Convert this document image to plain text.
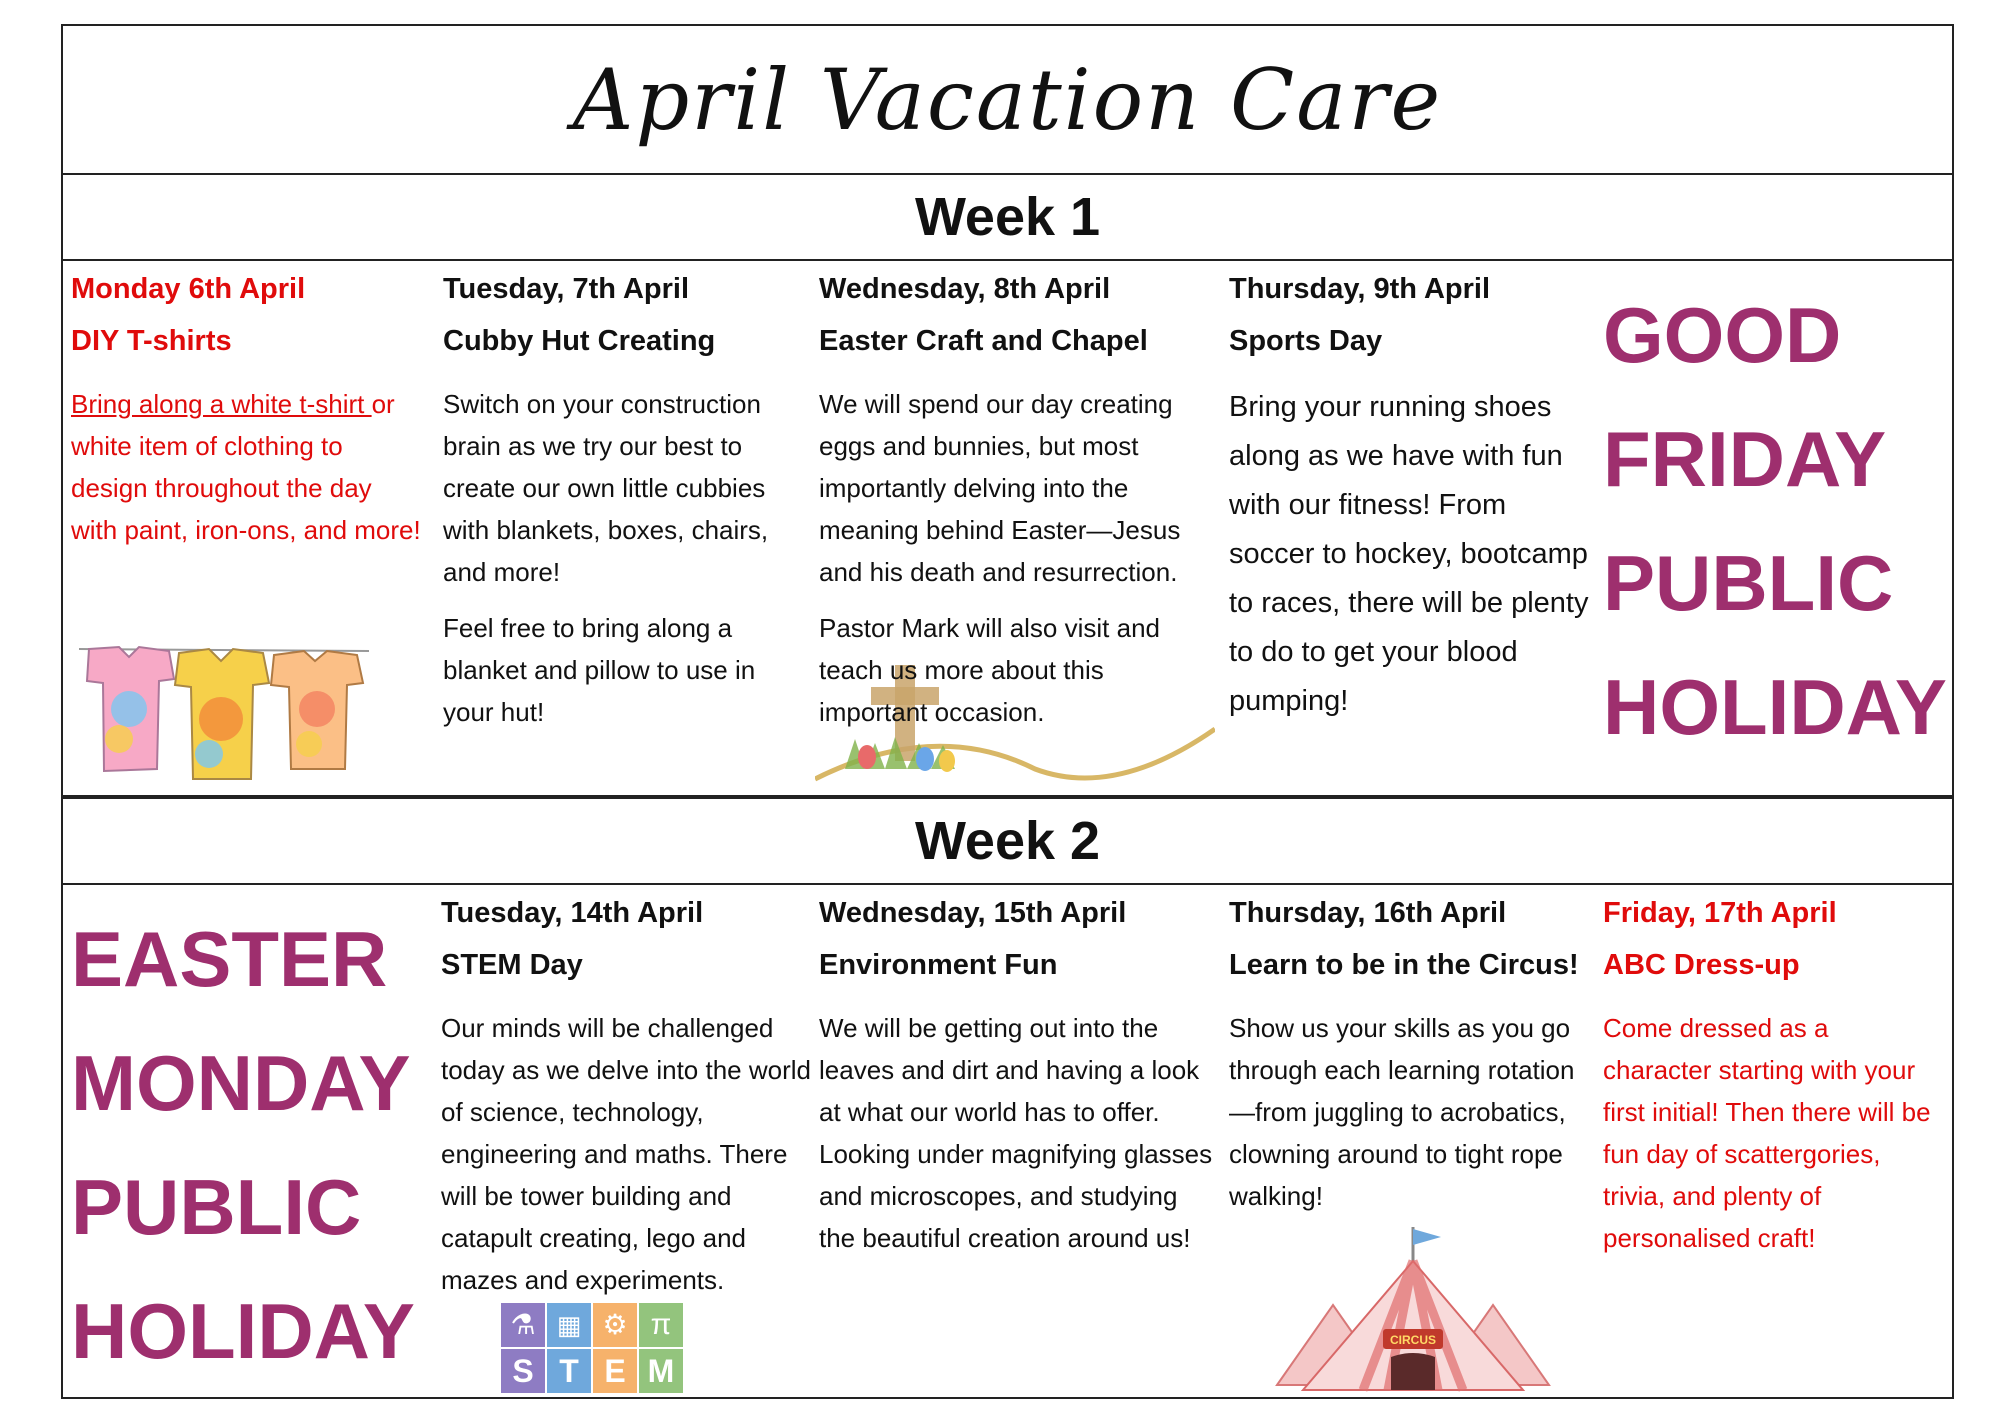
April Vacation Care
Week 1
Monday 6th April
DIY T-shirts
Bring along a white t-shirt or white item of clothing to design throughout the day with paint, iron-ons, and more!
Tuesday, 7th April
Cubby Hut Creating
Switch on your construction brain as we try our best to create our own little cubbies with blankets, boxes, chairs, and more!
Feel free to bring along a blanket and pillow to use in your hut!
Wednesday, 8th April
Easter Craft and Chapel
We will spend our day creating eggs and bunnies, but most importantly delving into the meaning behind Easter—Jesus and his death and resurrection.
Pastor Mark will also visit and teach us more about this important occasion.
Thursday, 9th April
Sports Day
Bring your running shoes along as we have with fun with our fitness! From soccer to hockey, bootcamp to races, there will be plenty to do to get your blood pumping!
GOOD
FRIDAY
PUBLIC
HOLIDAY
Week 2
EASTER
MONDAY
PUBLIC
HOLIDAY
Tuesday, 14th April
STEM Day
Our minds will be challenged today as we delve into the world of science, technology, engineering and maths. There will be tower building and catapult creating, lego and mazes and experiments.
⚗ ▦ ⚙ π
S T E M
Wednesday, 15th April
Environment Fun
We will be getting out into the leaves and dirt and having a look at what our world has to offer. Looking under magnifying glasses and microscopes, and studying the beautiful creation around us!
Thursday, 16th April
Learn to be in the Circus!
Show us your skills as you go through each learning rotation—from juggling to acrobatics, clowning around to tight rope walking!
CIRCUS
Friday, 17th April
ABC Dress-up
Come dressed as a character starting with your first initial! Then there will be fun day of scattergories, trivia, and plenty of personalised craft!
